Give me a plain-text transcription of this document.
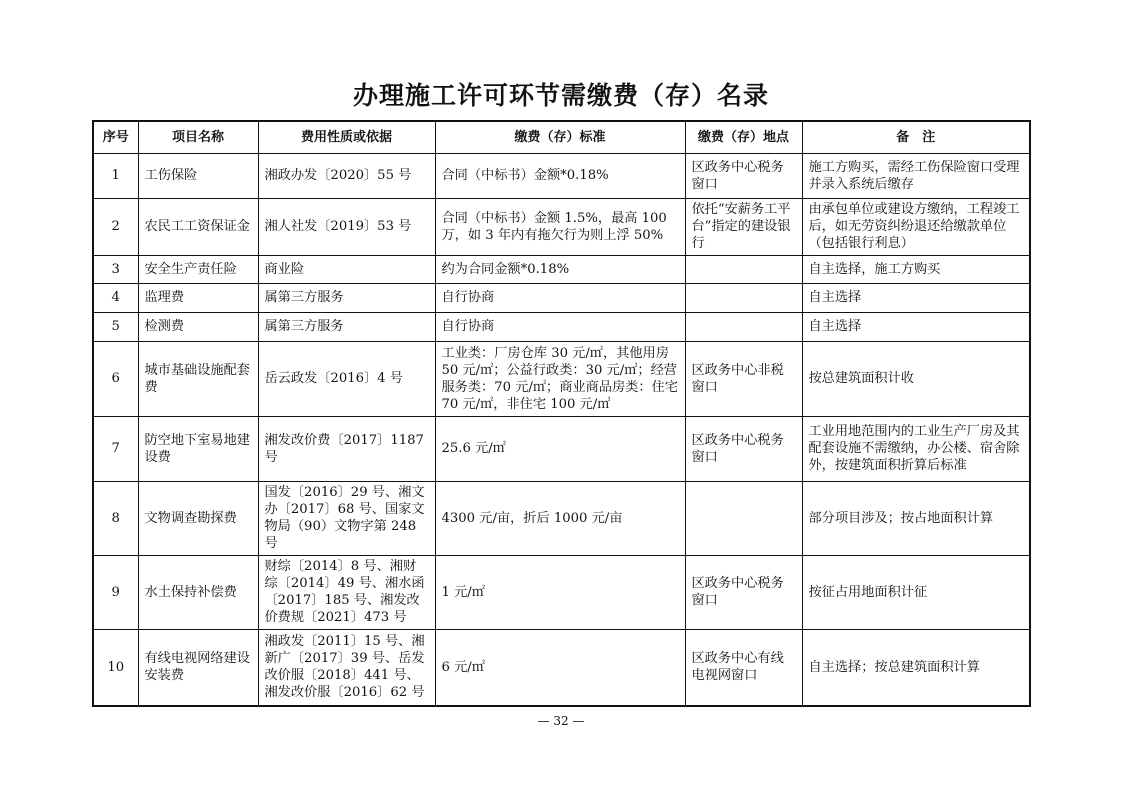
办理施工许可环节需缴费（存）名录
序号	项目名称	费用性质或依据	缴费（存）标准	缴费（存）地点	备　注
1	工伤保险	湘政办发〔2020〕55 号	合同（中标书）金额*0.18%	区政务中心税务窗口	施工方购买，需经工伤保险窗口受理并录入系统后缴存
2	农民工工资保证金	湘人社发〔2019〕53 号	合同（中标书）金额 1.5%，最高 100 万，如 3 年内有拖欠行为则上浮 50%	依托“安薪务工平台”指定的建设银行	由承包单位或建设方缴纳，工程竣工后，如无劳资纠纷退还给缴款单位（包括银行利息）
3	安全生产责任险	商业险	约为合同金额*0.18%		自主选择，施工方购买
4	监理费	属第三方服务	自行协商		自主选择
5	检测费	属第三方服务	自行协商		自主选择
6	城市基础设施配套费	岳云政发〔2016〕4 号	工业类：厂房仓库 30 元/㎡，其他用房 50 元/㎡；公益行政类：30 元/㎡；经营服务类：70 元/㎡；商业商品房类：住宅 70 元/㎡，非住宅 100 元/㎡	区政务中心非税窗口	按总建筑面积计收
7	防空地下室易地建设费	湘发改价费〔2017〕1187 号	25.6 元/㎡	区政务中心税务窗口	工业用地范围内的工业生产厂房及其配套设施不需缴纳，办公楼、宿舍除外，按建筑面积折算后标准
8	文物调查勘探费	国发〔2016〕29 号、湘文办〔2017〕68 号、国家文物局（90）文物字第 248 号	4300 元/亩，折后 1000 元/亩		部分项目涉及；按占地面积计算
9	水土保持补偿费	财综〔2014〕8 号、湘财综〔2014〕49 号、湘水函〔2017〕185 号、湘发改价费规〔2021〕473 号	1 元/㎡	区政务中心税务窗口	按征占用地面积计征
10	有线电视网络建设安装费	湘政发〔2011〕15 号、湘新广〔2017〕39 号、岳发改价服〔2018〕441 号、湘发改价服〔2016〕62 号	6 元/㎡	区政务中心有线电视网窗口	自主选择；按总建筑面积计算
— 32 —
